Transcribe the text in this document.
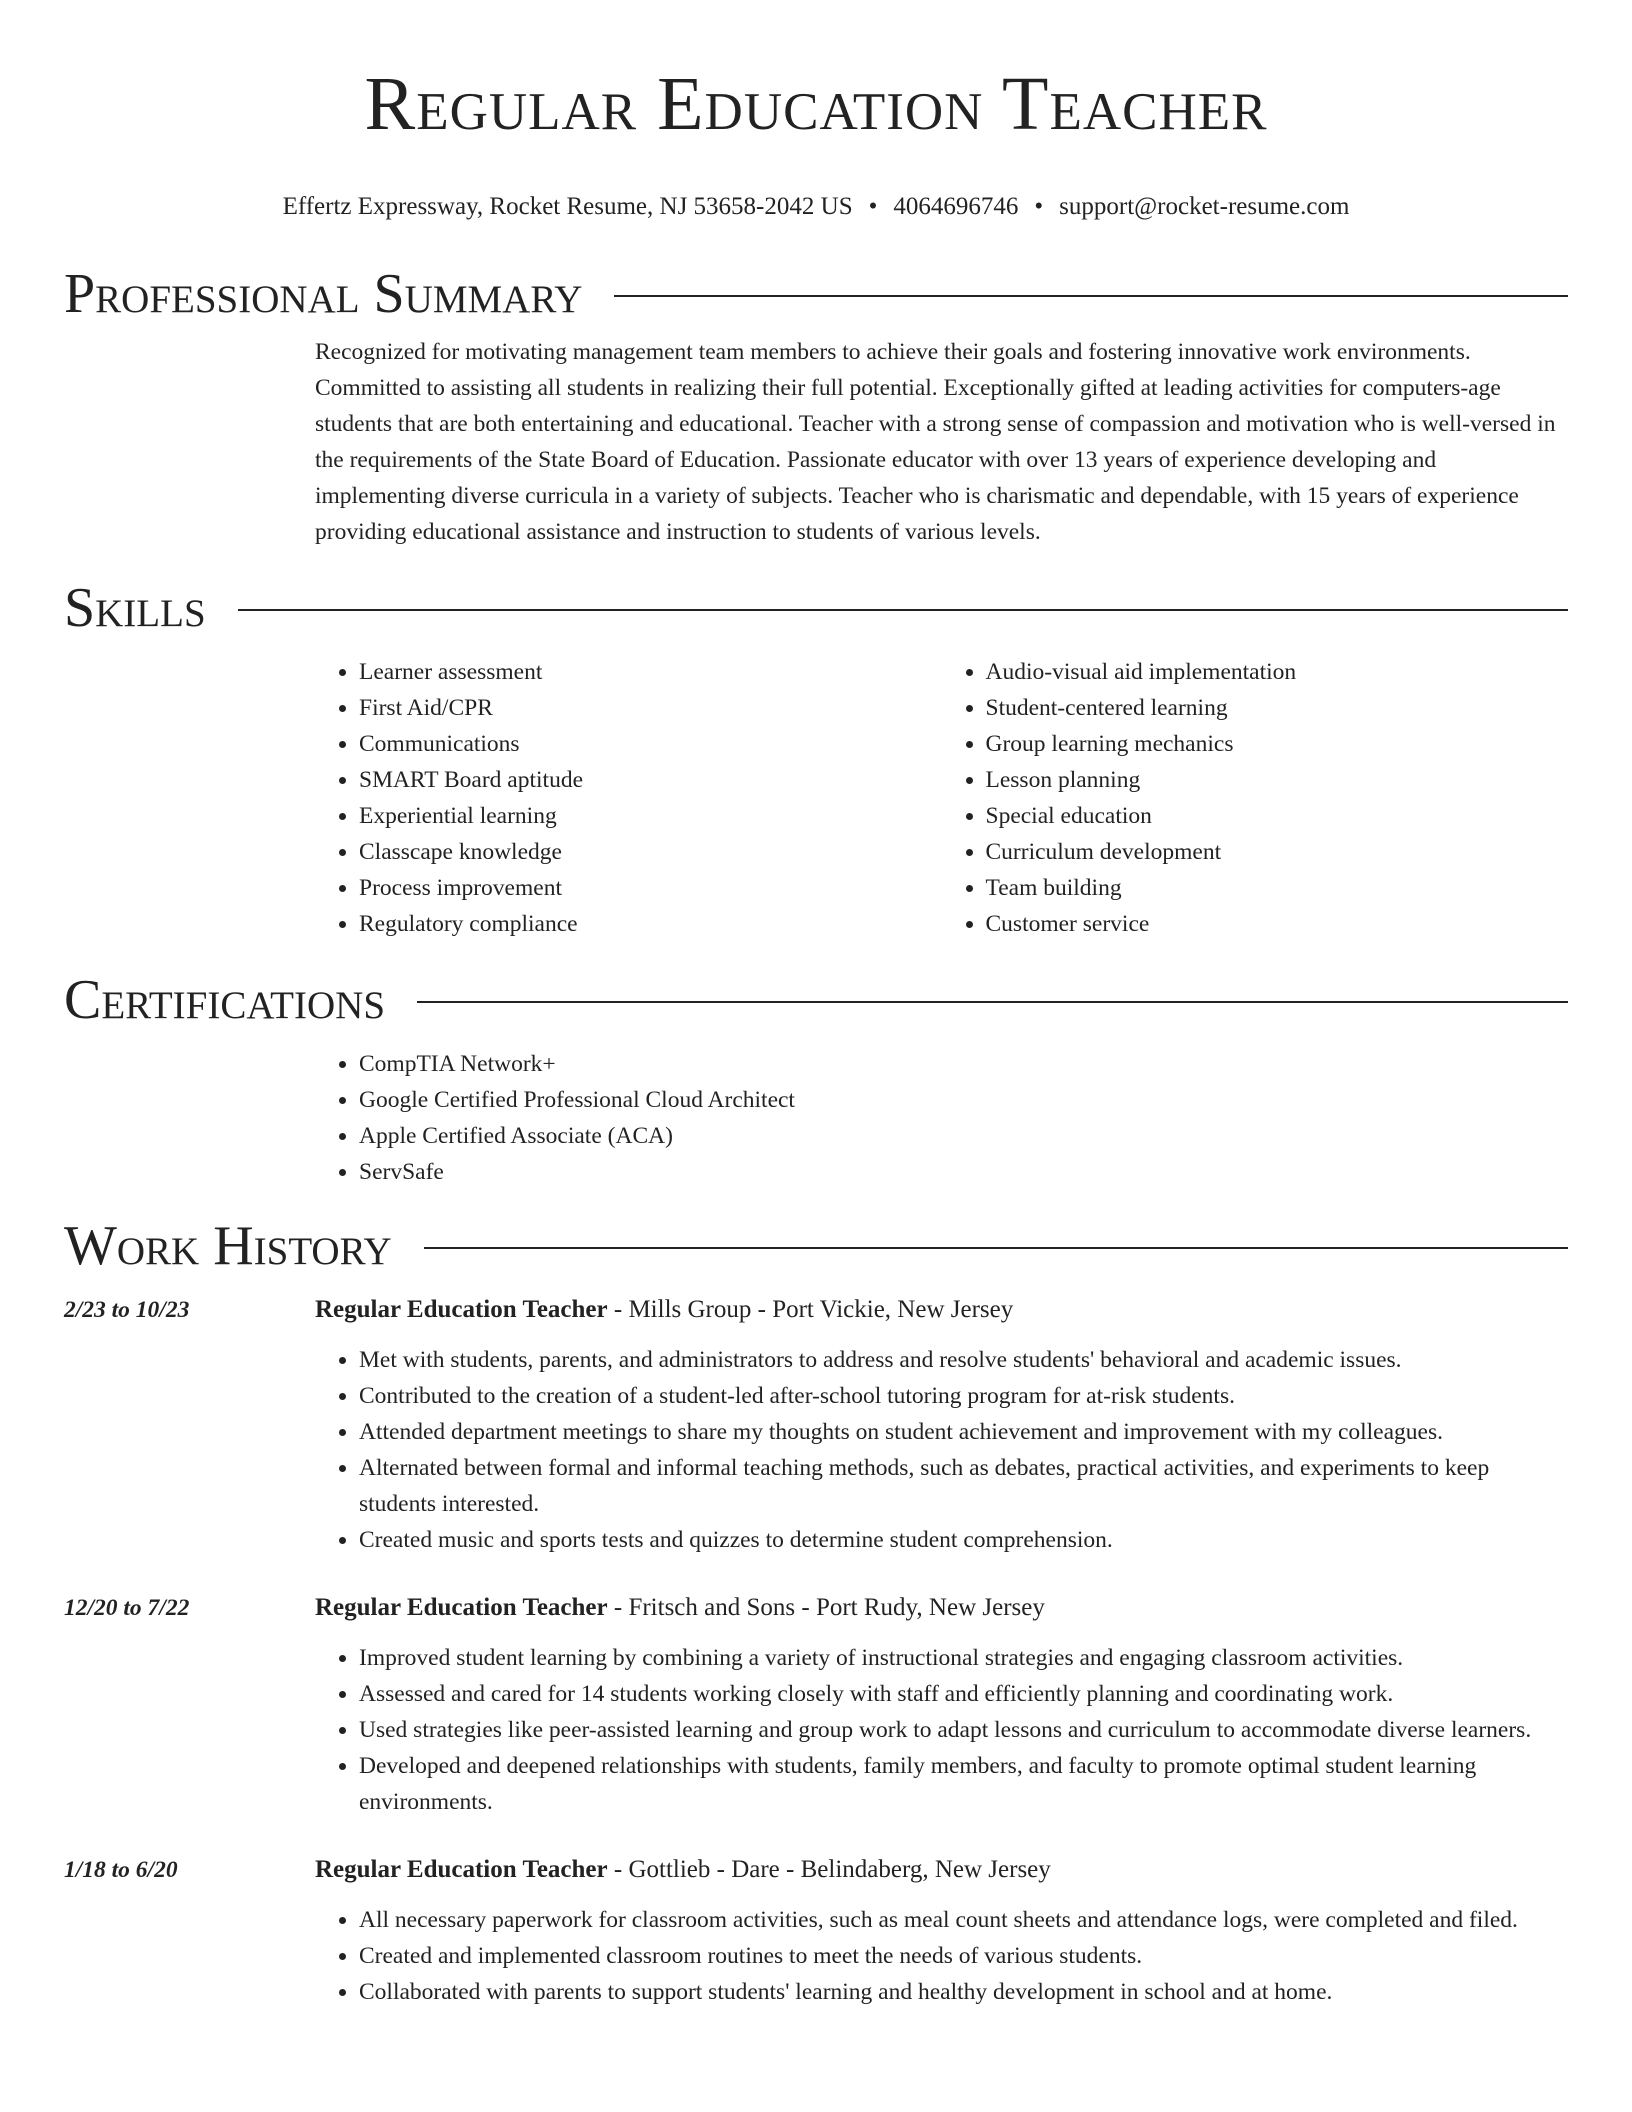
Regular Education Teacher
Effertz Expressway, Rocket Resume, NJ 53658-2042 US • 4064696746 • support@rocket-resume.com
Professional Summary

Recognized for motivating management team members to achieve their goals and fostering innovative work environments. Committed to assisting all students in realizing their full potential. Exceptionally gifted at leading activities for computers-age students that are both entertaining and educational. Teacher with a strong sense of compassion and motivation who is well-versed in the requirements of the State Board of Education. Passionate educator with over 13 years of experience developing and implementing diverse curricula in a variety of subjects. Teacher who is charismatic and dependable, with 15 years of experience providing educational assistance and instruction to students of various levels.

Skills
• Learner assessment
• First Aid/CPR
• Communications
• SMART Board aptitude
• Experiential learning
• Classcape knowledge
• Process improvement
• Regulatory compliance
• Audio-visual aid implementation
• Student-centered learning
• Group learning mechanics
• Lesson planning
• Special education
• Curriculum development
• Team building
• Customer service
Certifications
• CompTIA Network+
• Google Certified Professional Cloud Architect
• Apple Certified Associate (ACA)
• ServSafe
Work History
2/23 to 10/23	Regular Education Teacher - Mills Group - Port Vickie, New Jersey
• Met with students, parents, and administrators to address and resolve students' behavioral and academic issues.
• Contributed to the creation of a student-led after-school tutoring program for at-risk students.
• Attended department meetings to share my thoughts on student achievement and improvement with my colleagues.
• Alternated between formal and informal teaching methods, such as debates, practical activities, and experiments to keep students interested.
• Created music and sports tests and quizzes to determine student comprehension.
12/20 to 7/22	Regular Education Teacher - Fritsch and Sons - Port Rudy, New Jersey
• Improved student learning by combining a variety of instructional strategies and engaging classroom activities.
• Assessed and cared for 14 students working closely with staff and efficiently planning and coordinating work.
• Used strategies like peer-assisted learning and group work to adapt lessons and curriculum to accommodate diverse learners.
• Developed and deepened relationships with students, family members, and faculty to promote optimal student learning environments.
1/18 to 6/20	Regular Education Teacher - Gottlieb - Dare - Belindaberg, New Jersey
• All necessary paperwork for classroom activities, such as meal count sheets and attendance logs, were completed and filed.
• Created and implemented classroom routines to meet the needs of various students.
• Collaborated with parents to support students' learning and healthy development in school and at home.
